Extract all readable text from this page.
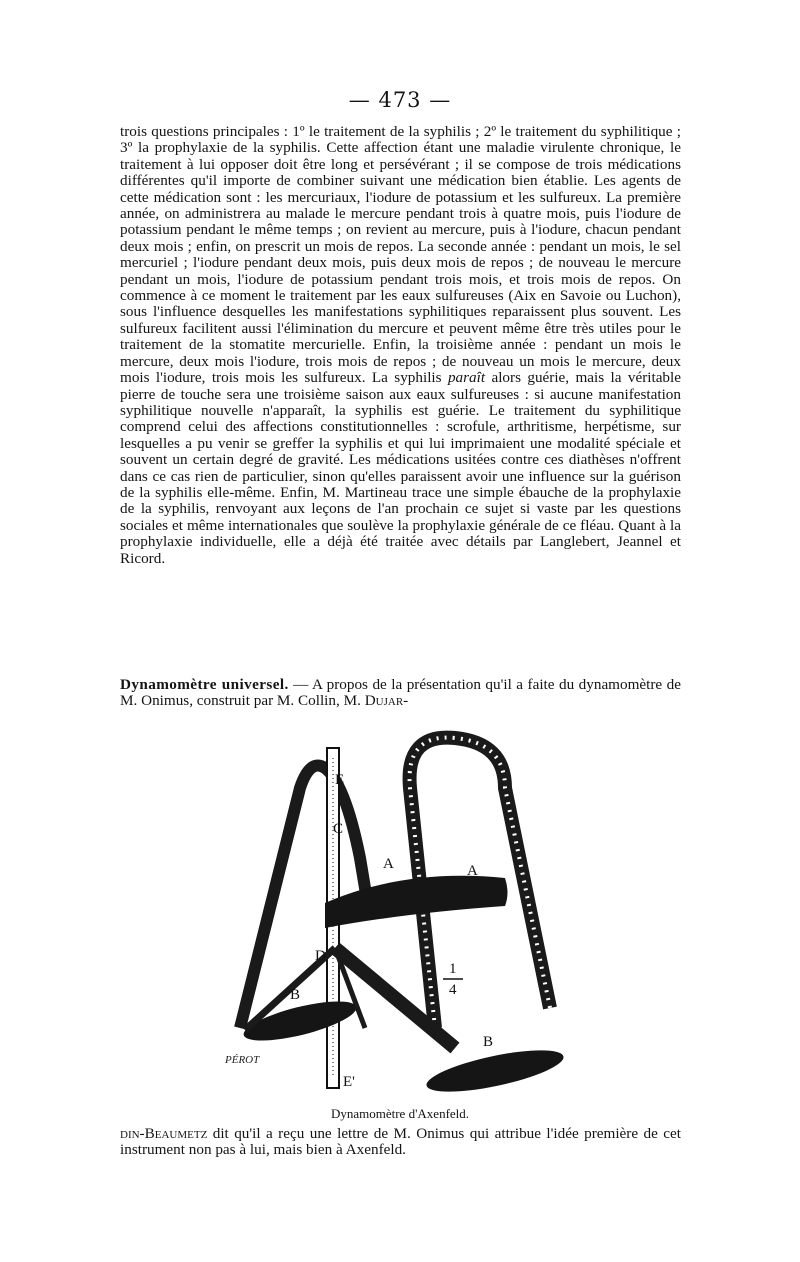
— 473 —
trois questions principales : 1º le traitement de la syphilis ; 2º le traitement du syphilitique ; 3º la prophylaxie de la syphilis. Cette affection étant une maladie virulente chronique, le traitement à lui opposer doit être long et persévérant ; il se compose de trois médications différentes qu'il importe de combiner suivant une médication bien établie. Les agents de cette médication sont : les mercuriaux, l'iodure de potassium et les sulfureux. La première année, on administrera au malade le mercure pendant trois à quatre mois, puis l'iodure de potassium pendant le même temps ; on revient au mercure, puis à l'iodure, chacun pendant deux mois ; enfin, on prescrit un mois de repos. La seconde année : pendant un mois, le sel mercuriel ; l'iodure pendant deux mois, puis deux mois de repos ; de nouveau le mercure pendant un mois, l'iodure de potassium pendant trois mois, et trois mois de repos. On commence à ce moment le traitement par les eaux sulfureuses (Aix en Savoie ou Luchon), sous l'influence desquelles les manifestations syphilitiques reparaissent plus souvent. Les sulfureux facilitent aussi l'élimination du mercure et peuvent même être très utiles pour le traitement de la stomatite mercurielle. Enfin, la troisième année : pendant un mois le mercure, deux mois l'iodure, trois mois de repos ; de nouveau un mois le mercure, deux mois l'iodure, trois mois les sulfureux. La syphilis paraît alors guérie, mais la véritable pierre de touche sera une troisième saison aux eaux sulfureuses : si aucune manifestation syphilitique nouvelle n'apparaît, la syphilis est guérie. Le traitement du syphilitique comprend celui des affections constitutionnelles : scrofule, arthritisme, herpétisme, sur lesquelles a pu venir se greffer la syphilis et qui lui imprimaient une modalité spéciale et souvent un certain degré de gravité. Les médications usitées contre ces diathèses n'offrent dans ce cas rien de particulier, sinon qu'elles paraissent avoir une influence sur la guérison de la syphilis elle-même. Enfin, M. Martineau trace une simple ébauche de la prophylaxie de la syphilis, renvoyant aux leçons de l'an prochain ce sujet si vaste par les questions sociales et même internationales que soulève la prophylaxie générale de ce fléau. Quant à la prophylaxie individuelle, elle a déjà été traitée avec détails par Langlebert, Jeannel et Ricord.
Dynamomètre universel. — A propos de la présentation qu'il a faite du dynamomètre de M. Onimus, construit par M. Collin, M. Dujar-
MATHIEU 1
4
E
C
A	A
D
B
B
E'
PÉROT
Dynamomètre d'Axenfeld.
din-Beaumetz dit qu'il a reçu une lettre de M. Onimus qui attribue l'idée première de cet instrument non pas à lui, mais bien à Axenfeld.
